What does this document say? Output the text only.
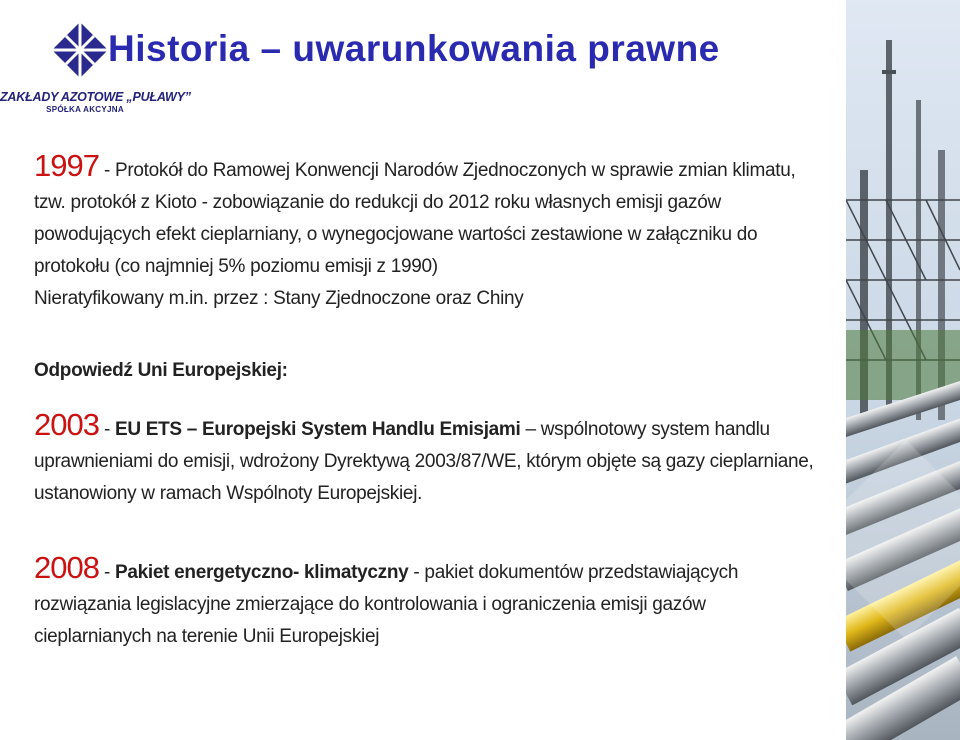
Historia – uwarunkowania prawne
ZAKŁADY AZOTOWE „PUŁAWY”
SPÓŁKA AKCYJNA

1997 - Protokół do Ramowej Konwencji Narodów Zjednoczonych w sprawie zmian klimatu, tzw. protokół z Kioto - zobowiązanie do redukcji do 2012 roku własnych emisji gazów powodujących efekt cieplarniany, o wynegocjowane wartości zestawione w załączniku do protokołu (co najmniej 5% poziomu emisji z 1990)

Nieratyfikowany m.in. przez : Stany Zjednoczone oraz Chiny

Odpowiedź Uni Europejskiej:

2003 - EU ETS – Europejski System Handlu Emisjami – wspólnotowy system handlu uprawnieniami do emisji, wdrożony Dyrektywą 2003/87/WE, którym objęte są gazy cieplarniane, ustanowiony w ramach Wspólnoty Europejskiej.

2008 - Pakiet energetyczno- klimatyczny - pakiet dokumentów przedstawiających rozwiązania legislacyjne zmierzające do kontrolowania i ograniczenia emisji gazów cieplarnianych na terenie Unii Europejskiej
